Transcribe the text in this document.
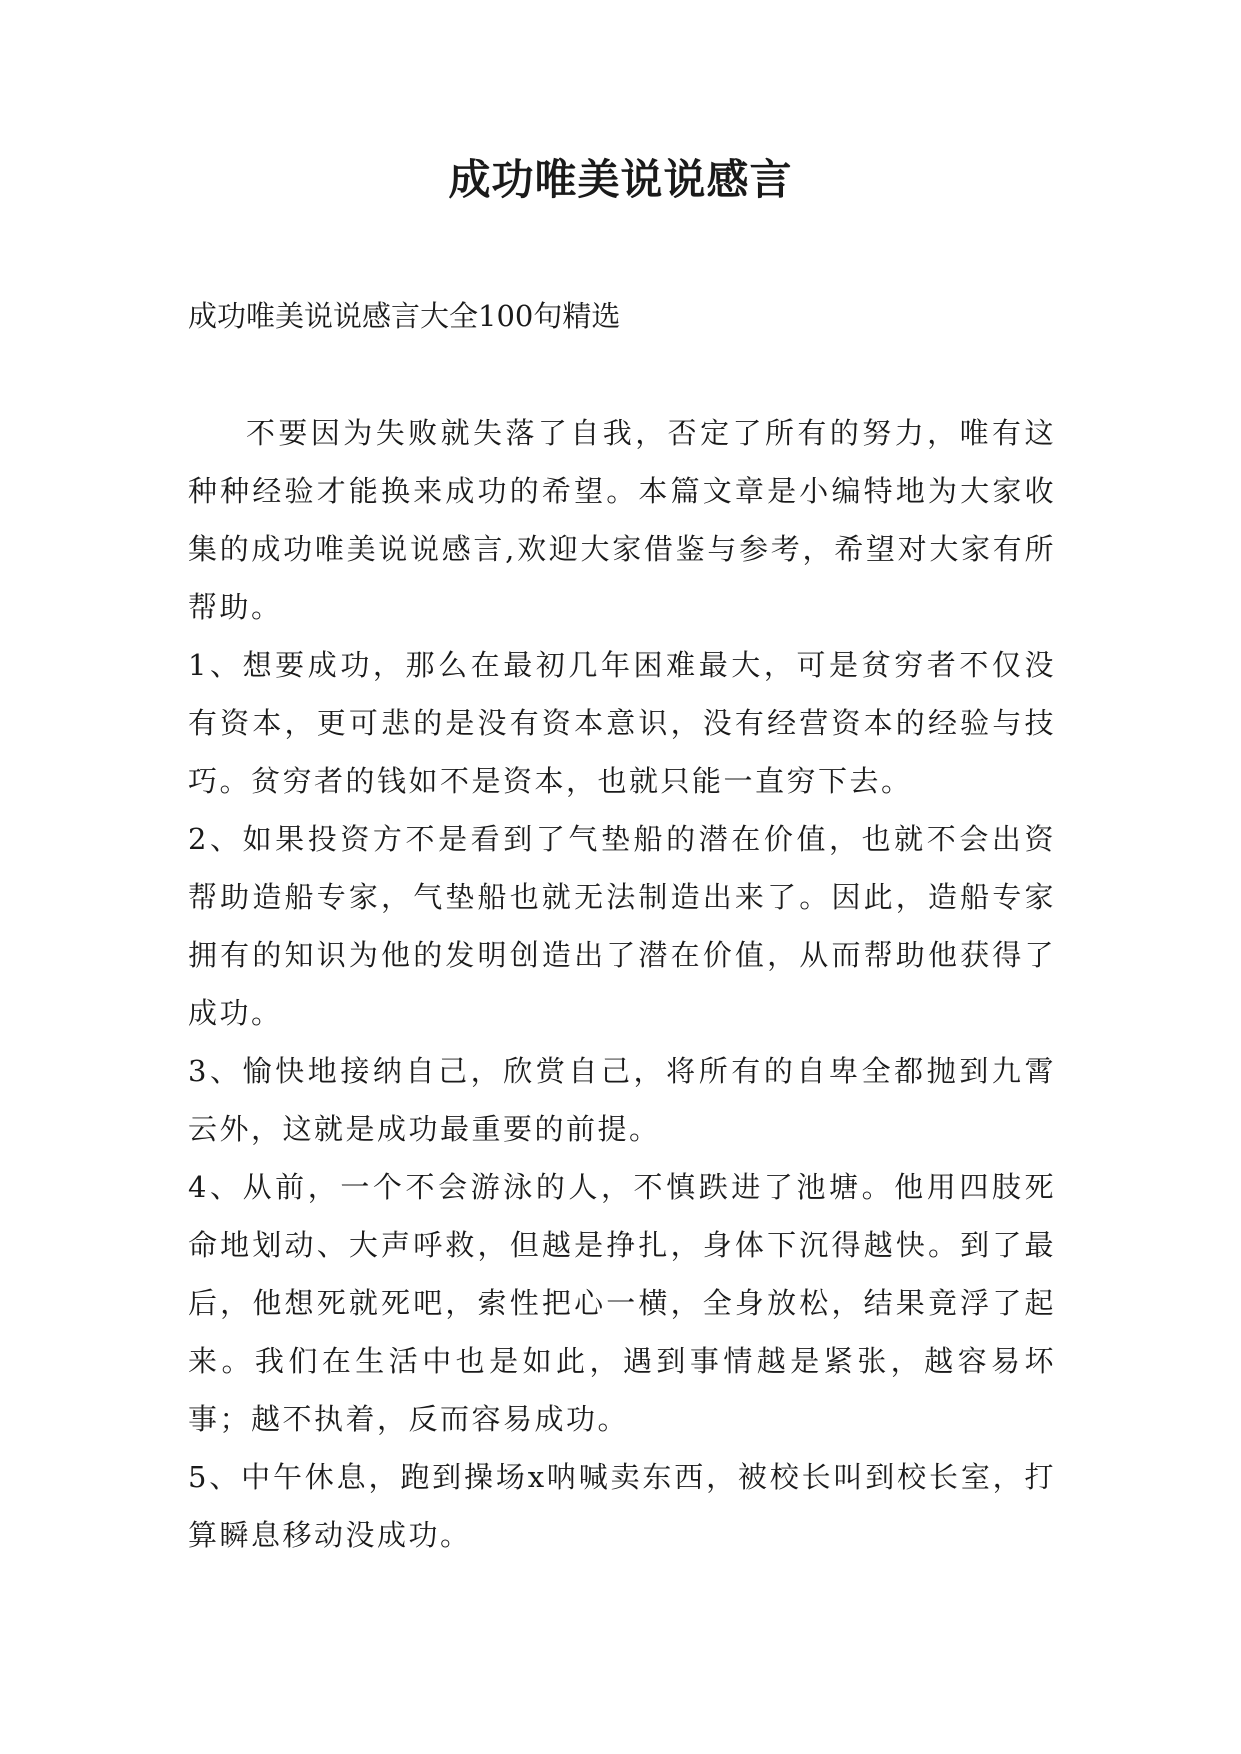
成功唯美说说感言

成功唯美说说感言大全100句精选

不要因为失败就失落了自我，否定了所有的努力，唯有这种种经验才能换来成功的希望。本篇文章是小编特地为大家收集的成功唯美说说感言,欢迎大家借鉴与参考，希望对大家有所帮助。

1、想要成功，那么在最初几年困难最大，可是贫穷者不仅没有资本，更可悲的是没有资本意识，没有经营资本的经验与技巧。贫穷者的钱如不是资本，也就只能一直穷下去。

2、如果投资方不是看到了气垫船的潜在价值，也就不会出资帮助造船专家，气垫船也就无法制造出来了。因此，造船专家拥有的知识为他的发明创造出了潜在价值，从而帮助他获得了成功。

3、愉快地接纳自己，欣赏自己，将所有的自卑全都抛到九霄云外，这就是成功最重要的前提。

4、从前，一个不会游泳的人，不慎跌进了池塘。他用四肢死命地划动、大声呼救，但越是挣扎，身体下沉得越快。到了最后，他想死就死吧，索性把心一横，全身放松，结果竟浮了起来。我们在生活中也是如此，遇到事情越是紧张，越容易坏事；越不执着，反而容易成功。

5、中午休息，跑到操场x呐喊卖东西，被校长叫到校长室，打算瞬息移动没成功。
